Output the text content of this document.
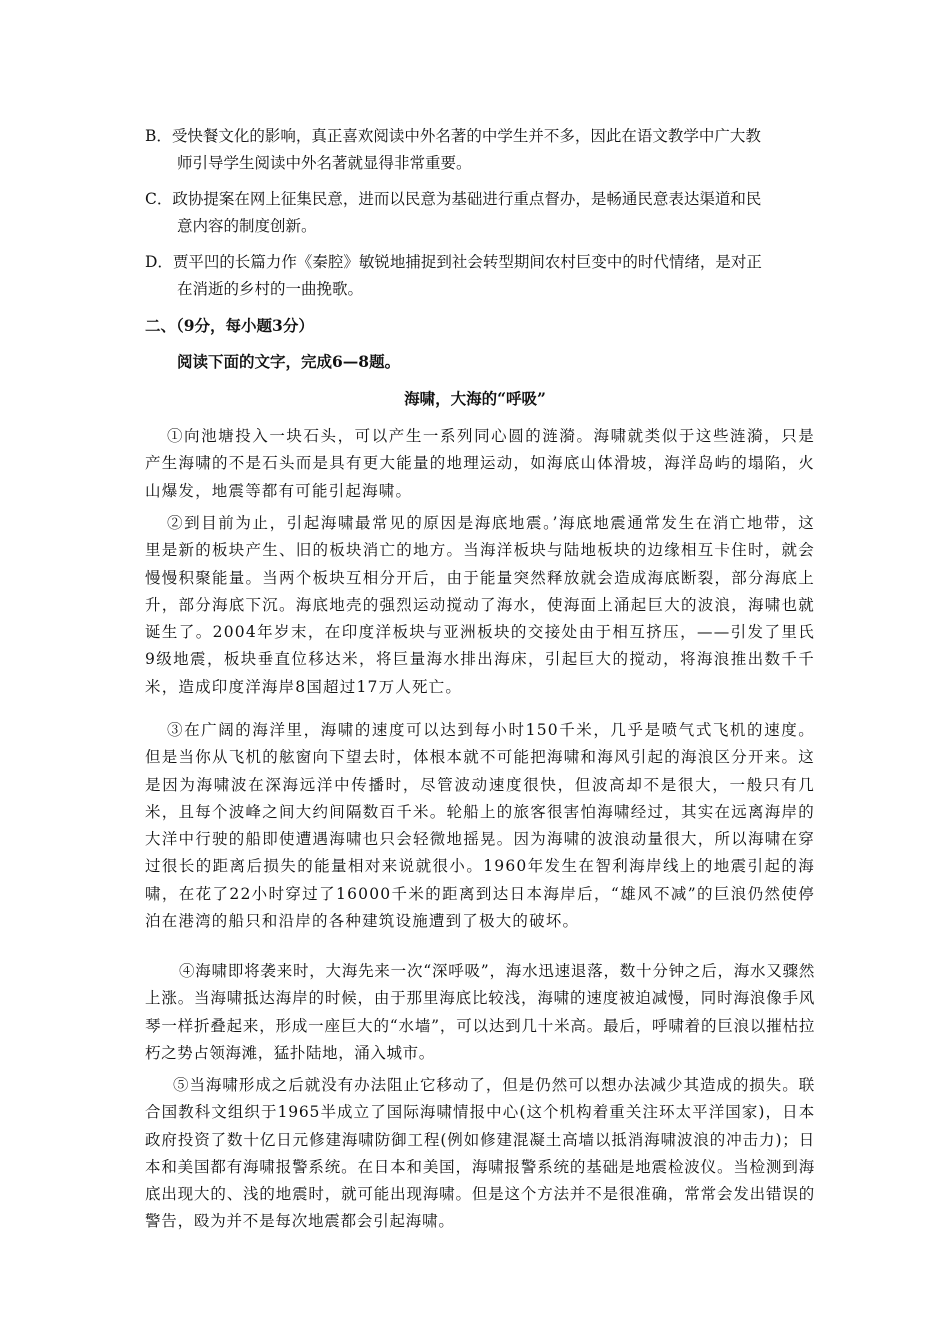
B．受快餐文化的影响，真正喜欢阅读中外名著的中学生并不多，因此在语文教学中广大教
师引导学生阅读中外名著就显得非常重要。
C．政协提案在网上征集民意，进而以民意为基础进行重点督办，是畅通民意表达渠道和民
意内容的制度创新。
D．贾平凹的长篇力作《秦腔》敏锐地捕捉到社会转型期间农村巨变中的时代情绪，是对正
在消逝的乡村的一曲挽歌。
二、（9分，每小题3分）
阅读下面的文字，完成6—8题。
海啸，大海的“呼吸”
①向池塘投入一块石头，可以产生一系列同心圆的涟漪。海啸就类似于这些涟漪，只是产生海啸的不是石头而是具有更大能量的地理运动，如海底山体滑坡，海洋岛屿的塌陷，火山爆发，地震等都有可能引起海啸。
②到目前为止，引起海啸最常见的原因是海底地震。’海底地震通常发生在消亡地带，这里是新的板块产生、旧的板块消亡的地方。当海洋板块与陆地板块的边缘相互卡住时，就会慢慢积聚能量。当两个板块互相分开后，由于能量突然释放就会造成海底断裂，部分海底上升，部分海底下沉。海底地壳的强烈运动搅动了海水，使海面上涌起巨大的波浪，海啸也就诞生了。2004年岁末，在印度洋板块与亚洲板块的交接处由于相互挤压，——引发了里氏9级地震，板块垂直位移达米，将巨量海水排出海床，引起巨大的搅动，将海浪推出数千千米，造成印度洋海岸8国超过17万人死亡。
③在广阔的海洋里，海啸的速度可以达到每小时150千米，几乎是喷气式飞机的速度。但是当你从飞机的舷窗向下望去时，体根本就不可能把海啸和海风引起的海浪区分开来。这是因为海啸波在深海远洋中传播时，尽管波动速度很快，但波高却不是很大，一般只有几米，且每个波峰之间大约间隔数百千米。轮船上的旅客很害怕海啸经过，其实在远离海岸的大洋中行驶的船即使遭遇海啸也只会轻微地摇晃。因为海啸的波浪动量很大，所以海啸在穿过很长的距离后损失的能量相对来说就很小。1960年发生在智利海岸线上的地震引起的海啸，在花了22小时穿过了16000千米的距离到达日本海岸后，“雄风不减”的巨浪仍然使停泊在港湾的船只和沿岸的各种建筑设施遭到了极大的破坏。
④海啸即将袭来时，大海先来一次“深呼吸”，海水迅速退落，数十分钟之后，海水又骤然上涨。当海啸抵达海岸的时候，由于那里海底比较浅，海啸的速度被迫减慢，同时海浪像手风琴一样折叠起来，形成一座巨大的“水墙”，可以达到几十米高。最后，呼啸着的巨浪以摧枯拉朽之势占领海滩，猛扑陆地，涌入城市。
⑤当海啸形成之后就没有办法阻止它移动了，但是仍然可以想办法减少其造成的损失。联合国教科文组织于1965半成立了国际海啸情报中心(这个机构着重关注环太平洋国家)，日本政府投资了数十亿日元修建海啸防御工程(例如修建混凝土高墙以抵消海啸波浪的冲击力)；日本和美国都有海啸报警系统。在日本和美国，海啸报警系统的基础是地震检波仪。当检测到海底出现大的、浅的地震时，就可能出现海啸。但是这个方法并不是很准确，常常会发出错误的警告，殴为并不是每次地震都会引起海啸。
